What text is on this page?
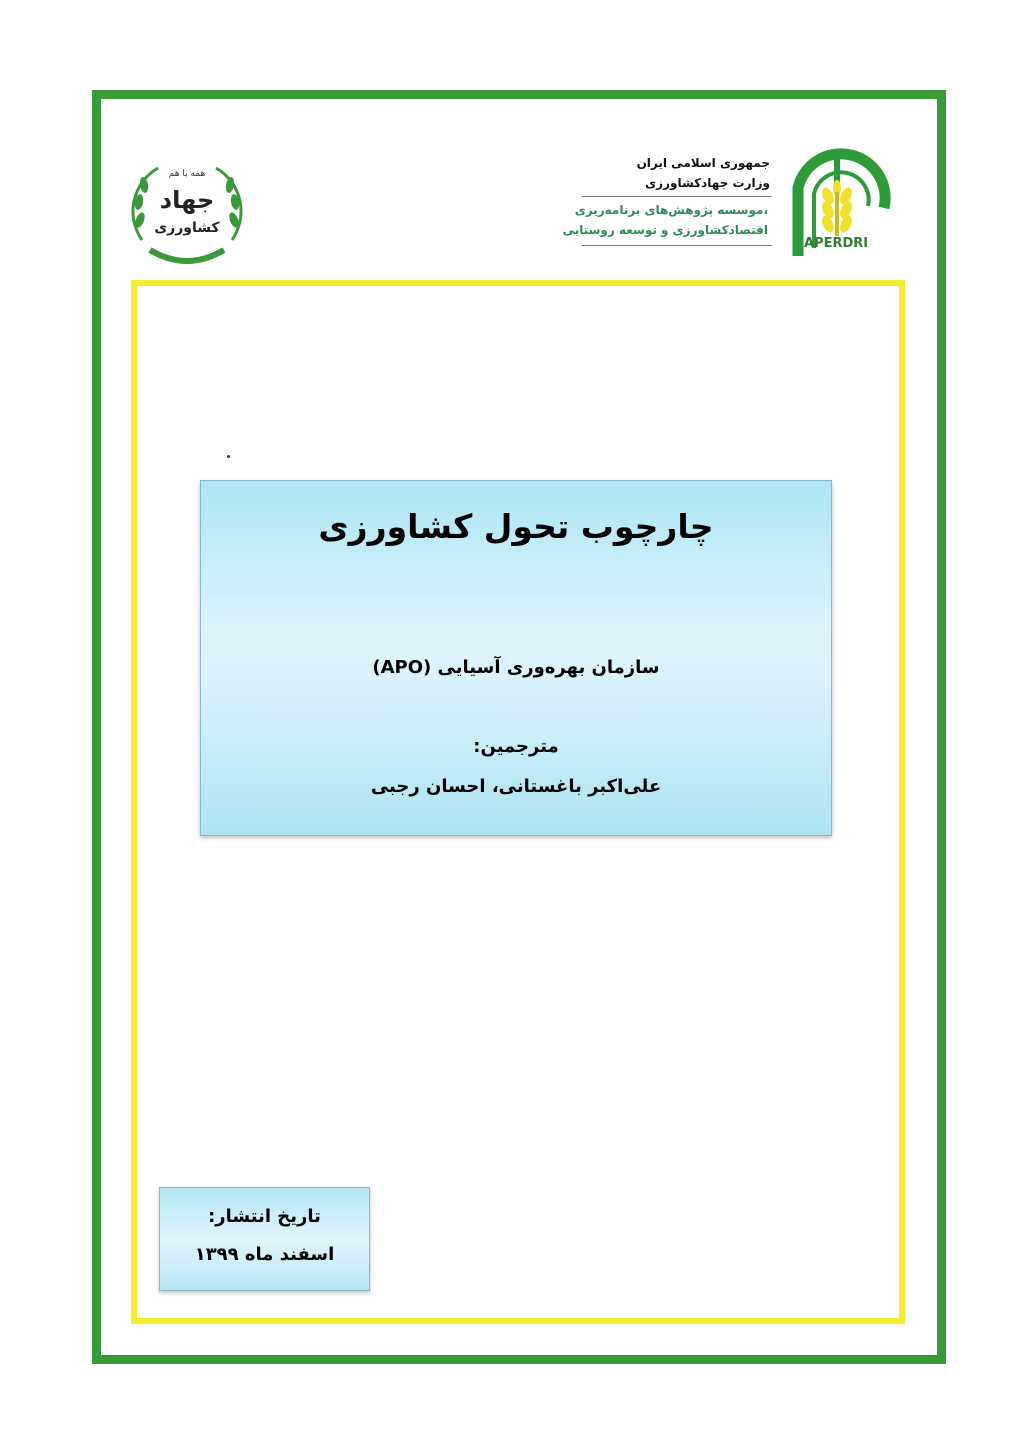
جمهوری اسلامی ایران
وزارت جهادکشاورزی
موسسه پژوهش‌های برنامه‌ریزی،
اقتصادکشاورزی و توسعه روستایی
APERDRI
همه با هم
جهاد
کشاورزی
چارچوب تحول کشاورزی
سازمان بهره‌وری آسیایی (APO)
مترجمین:
علی‌اکبر باغستانی، احسان رجبی
تاریخ انتشار:
اسفند ماه ۱۳۹۹
